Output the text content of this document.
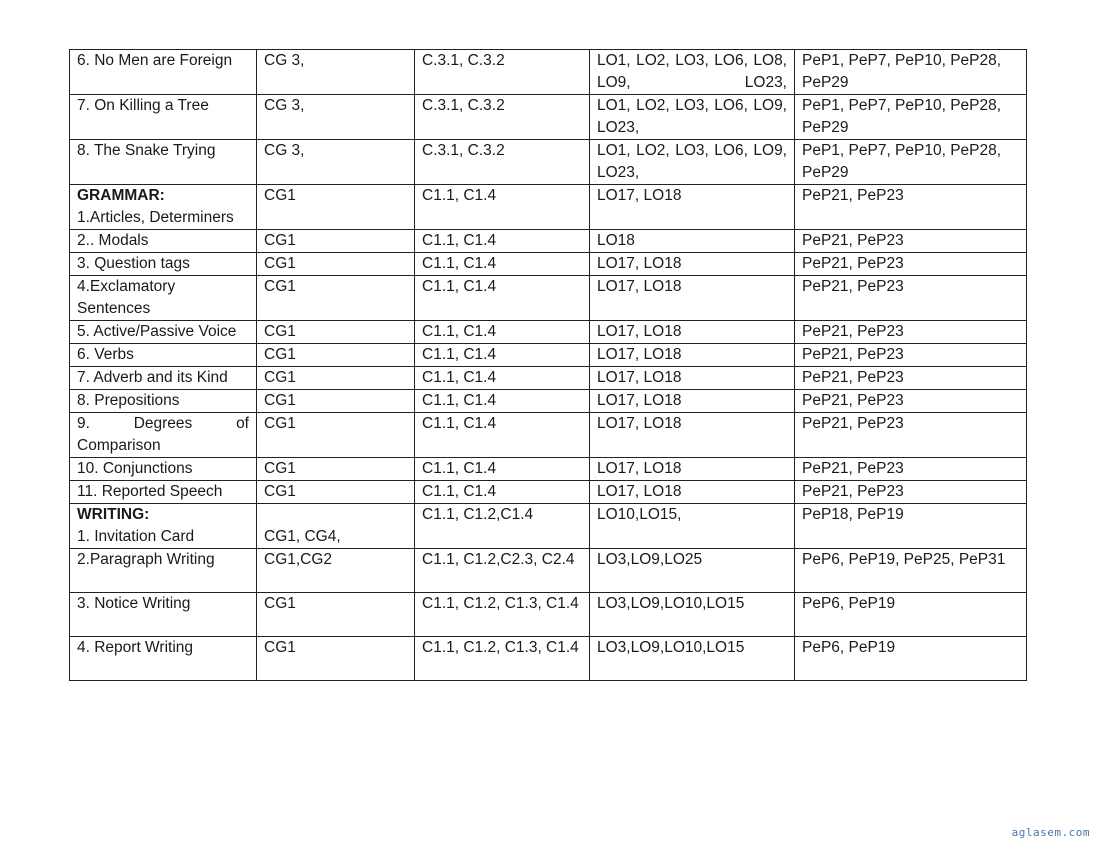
6. No Men are Foreign	CG 3,	C.3.1, C.3.2	LO1, LO2, LO3, LO6, LO8, LO9, LO23,	PeP1, PeP7, PeP10, PeP28, PeP29
7. On Killing a Tree	CG 3,	C.3.1, C.3.2	LO1, LO2, LO3, LO6, LO9, LO23,	PeP1, PeP7, PeP10, PeP28, PeP29
8. The Snake Trying	CG 3,	C.3.1, C.3.2	LO1, LO2, LO3, LO6, LO9, LO23,	PeP1, PeP7, PeP10, PeP28, PeP29

GRAMMAR:
1.Articles, Determiners	CG1	C1.1, C1.4	LO17, LO18	PeP21, PeP23
2.. Modals	CG1	C1.1, C1.4	LO18	PeP21, PeP23
3. Question tags	CG1	C1.1, C1.4	LO17, LO18	PeP21, PeP23
4.Exclamatory Sentences	CG1	C1.1, C1.4	LO17, LO18	PeP21, PeP23
5. Active/Passive Voice	CG1	C1.1, C1.4	LO17, LO18	PeP21, PeP23
6. Verbs	CG1	C1.1, C1.4	LO17, LO18	PeP21, PeP23
7. Adverb and its Kind	CG1	C1.1, C1.4	LO17, LO18	PeP21, PeP23
8. Prepositions	CG1	C1.1, C1.4	LO17, LO18	PeP21, PeP23
9. Degrees of Comparison	CG1	C1.1, C1.4	LO17, LO18	PeP21, PeP23
10. Conjunctions	CG1	C1.1, C1.4	LO17, LO18	PeP21, PeP23
11. Reported Speech	CG1	C1.1, C1.4	LO17, LO18	PeP21, PeP23

WRITING:
1. Invitation Card	CG1, CG4,	C1.1, C1.2,C1.4	LO10,LO15,	PeP18, PeP19
2.Paragraph Writing	CG1,CG2	C1.1, C1.2,C2.3, C2.4	LO3,LO9,LO25	PeP6, PeP19, PeP25, PeP31
3. Notice Writing	CG1	C1.1, C1.2, C1.3, C1.4	LO3,LO9,LO10,LO15	PeP6, PeP19
4. Report Writing	CG1	C1.1, C1.2, C1.3, C1.4	LO3,LO9,LO10,LO15	PeP6, PeP19
aglasem.com
